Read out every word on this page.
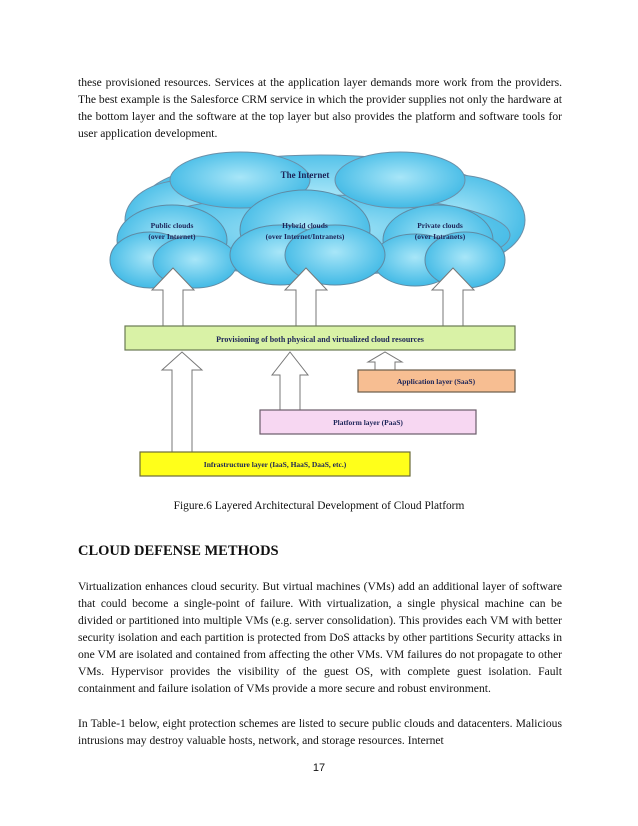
these provisioned resources. Services at the application layer demands more work from the providers. The best example is the Salesforce CRM service in which the provider supplies not only the hardware at the bottom layer and the software at the top layer but also provides the platform and software tools for user application development.

The Internet
Public clouds
(over Internet)
Private clouds
(over Intranets)
Hybrid clouds
(over Internet/Intranets)
Provisioning of both physical and virtualized cloud resources
Application layer (SaaS)
Platform layer (PaaS)
Infrastructure layer (IaaS, HaaS, DaaS, etc.)
Figure.6 Layered Architectural Development of Cloud Platform
CLOUD DEFENSE METHODS

Virtualization enhances cloud security. But virtual machines (VMs) add an additional layer of software that could become a single-point of failure. With virtualization, a single physical machine can be divided or partitioned into multiple VMs (e.g. server consolidation). This provides each VM with better security isolation and each partition is protected from DoS attacks by other partitions Security attacks in one VM are isolated and contained from affecting the other VMs. VM failures do not propagate to other VMs. Hypervisor provides the visibility of the guest OS, with complete guest isolation. Fault containment and failure isolation of VMs provide a more secure and robust environment.

In Table-1 below, eight protection schemes are listed to secure public clouds and datacenters. Malicious intrusions may destroy valuable hosts, network, and storage resources. Internet

17
